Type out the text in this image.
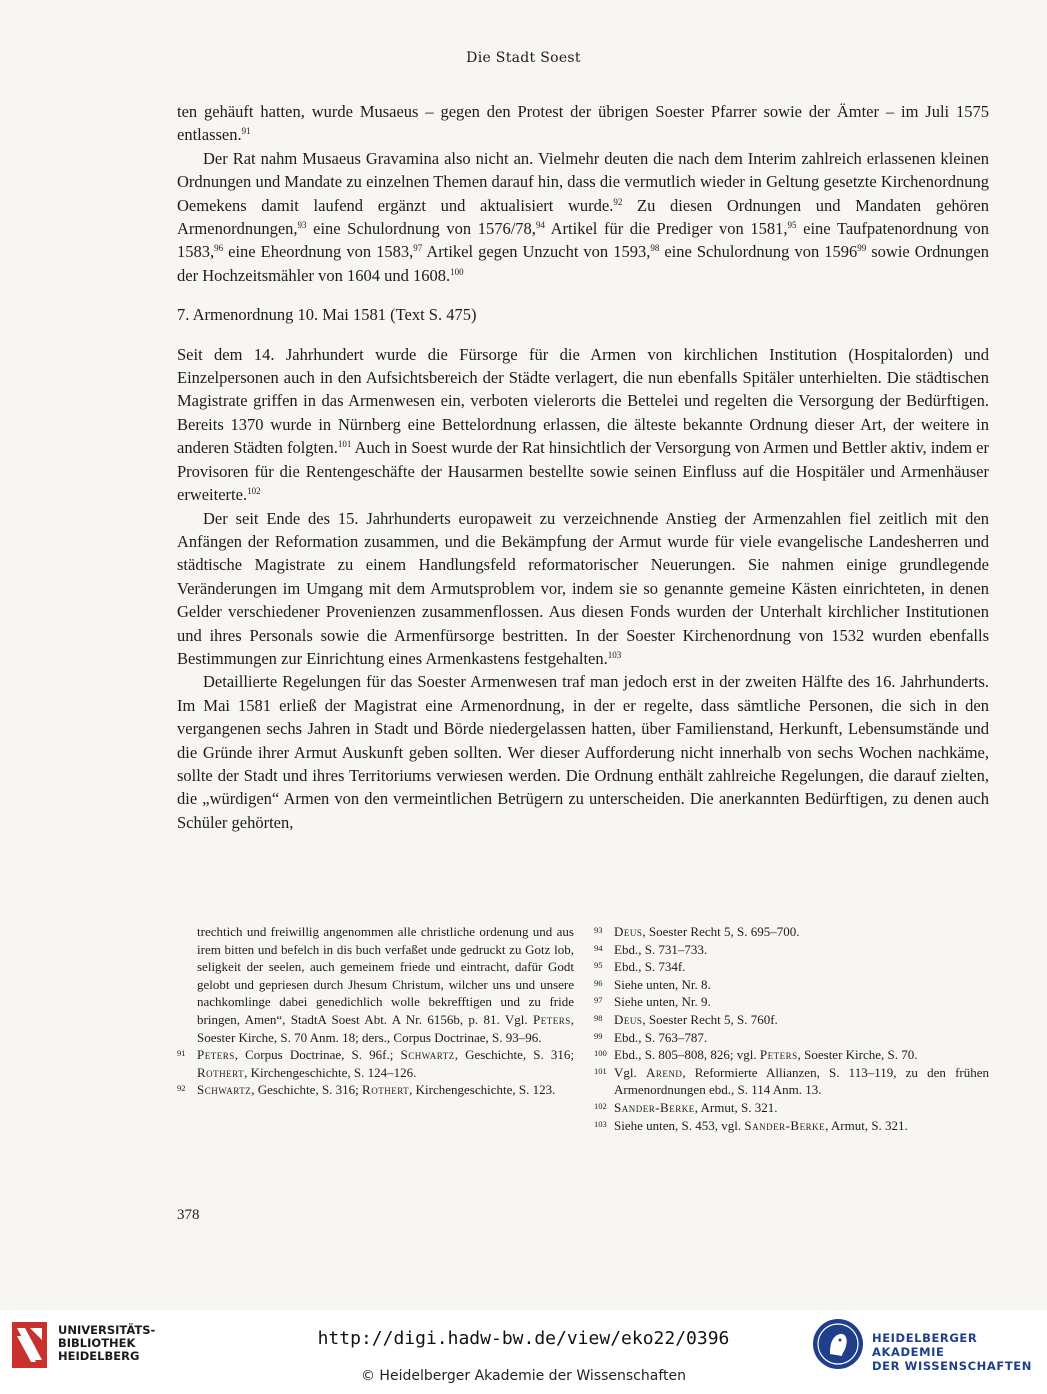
Die Stadt Soest

ten gehäuft hatten, wurde Musaeus – gegen den Protest der übrigen Soester Pfarrer sowie der Ämter – im Juli 1575 entlassen.$^{91}$

Der Rat nahm Musaeus Gravamina also nicht an. Vielmehr deuten die nach dem Interim zahlreich erlassenen kleinen Ordnungen und Mandate zu einzelnen Themen darauf hin, dass die vermutlich wieder in Geltung gesetzte Kirchenordnung Oemekens damit laufend ergänzt und aktualisiert wurde.$^{92}$ Zu diesen Ordnungen und Mandaten gehören Armenordnungen,$^{93}$ eine Schulordnung von 1576/78,94 Artikel für die Prediger von 1581,95 eine Taufpatenordnung von 1583,96 eine Eheordnung von 1583,97 Artikel gegen Unzucht von 1593,98 eine Schulordnung von 1596$^{99}$ sowie Ordnungen der Hochzeitsmähler von 1604 und 1608.$^{100}$

7. Armenordnung 10. Mai 1581 (Text S. 475)

Seit dem 14. Jahrhundert wurde die Fürsorge für die Armen von kirchlichen Institution (Hospitalorden) und Einzelpersonen auch in den Aufsichtsbereich der Städte verlagert, die nun ebenfalls Spitäler unterhielten. Die städtischen Magistrate griffen in das Armenwesen ein, verboten vielerorts die Bettelei und regelten die Versorgung der Bedürftigen. Bereits 1370 wurde in Nürnberg eine Bettelordnung erlassen, die älteste bekannte Ordnung dieser Art, der weitere in anderen Städten folgten.$^{101}$ Auch in Soest wurde der Rat hinsichtlich der Versorgung von Armen und Bettler aktiv, indem er Provisoren für die Rentengeschäfte der Hausarmen bestellte sowie seinen Einfluss auf die Hospitäler und Armenhäuser erweiterte.$^{102}$

Der seit Ende des 15. Jahrhunderts europaweit zu verzeichnende Anstieg der Armenzahlen fiel zeitlich mit den Anfängen der Reformation zusammen, und die Bekämpfung der Armut wurde für viele evangelische Landesherren und städtische Magistrate zu einem Handlungsfeld reformatorischer Neuerungen. Sie nahmen einige grundlegende Veränderungen im Umgang mit dem Armutsproblem vor, indem sie so genannte gemeine Kästen einrichteten, in denen Gelder verschiedener Provenienzen zusammenflossen. Aus diesen Fonds wurden der Unterhalt kirchlicher Institutionen und ihres Personals sowie die Armenfürsorge bestritten. In der Soester Kirchenordnung von 1532 wurden ebenfalls Bestimmungen zur Einrichtung eines Armenkastens festgehalten.$^{103}$

Detaillierte Regelungen für das Soester Armenwesen traf man jedoch erst in der zweiten Hälfte des 16. Jahrhunderts. Im Mai 1581 erließ der Magistrat eine Armenordnung, in der er regelte, dass sämtliche Personen, die sich in den vergangenen sechs Jahren in Stadt und Börde niedergelassen hatten, über Familienstand, Herkunft, Lebensumstände und die Gründe ihrer Armut Auskunft geben sollten. Wer dieser Aufforderung nicht innerhalb von sechs Wochen nachkäme, sollte der Stadt und ihres Territoriums verwiesen werden. Die Ordnung enthält zahlreiche Regelungen, die darauf zielten, die „würdigen“ Armen von den vermeintlichen Betrügern zu unterscheiden. Die anerkannten Bedürftigen, zu denen auch Schüler gehörten,

trechtich und freiwillig angenommen alle christliche ordenung und aus irem bitten und befelch in dis buch verfaßet unde gedruckt zu Gotz lob, seligkeit der seelen, auch gemeinem friede und eintracht, dafür Godt gelobt und gepriesen durch Jhesum Christum, wilcher uns und unsere nachkomlinge dabei genedichlich wolle bekrefftigen und zu fride bringen, Amen“, StadtA Soest Abt. A Nr. 6156b, p. 81. Vgl. Peters, Soester Kirche, S. 70 Anm. 18; ders., Corpus Doctrinae, S. 93–96.

91 Peters, Corpus Doctrinae, S. 96f.; Schwartz, Geschichte, S. 316; Rothert, Kirchengeschichte, S. 124–126.

92 Schwartz, Geschichte, S. 316; Rothert, Kirchengeschichte, S. 123.

93 Deus, Soester Recht 5, S. 695–700.

94 Ebd., S. 731–733.

95 Ebd., S. 734f.

96 Siehe unten, Nr. 8.

97 Siehe unten, Nr. 9.

98 Deus, Soester Recht 5, S. 760f.

99 Ebd., S. 763–787.

100 Ebd., S. 805–808, 826; vgl. Peters, Soester Kirche, S. 70.

101 Vgl. Arend, Reformierte Allianzen, S. 113–119, zu den frühen Armenordnungen ebd., S. 114 Anm. 13.

102 Sander-Berke, Armut, S. 321.

103 Siehe unten, S. 453, vgl. Sander-Berke, Armut, S. 321.

378
UNIVERSITÄTS-
BIBLIOTHEK
HEIDELBERG
http://digi.hadw-bw.de/view/eko22/0396
© Heidelberger Akademie der Wissenschaften
HEIDELBERGER AKADEMIE
DER WISSENSCHAFTEN
